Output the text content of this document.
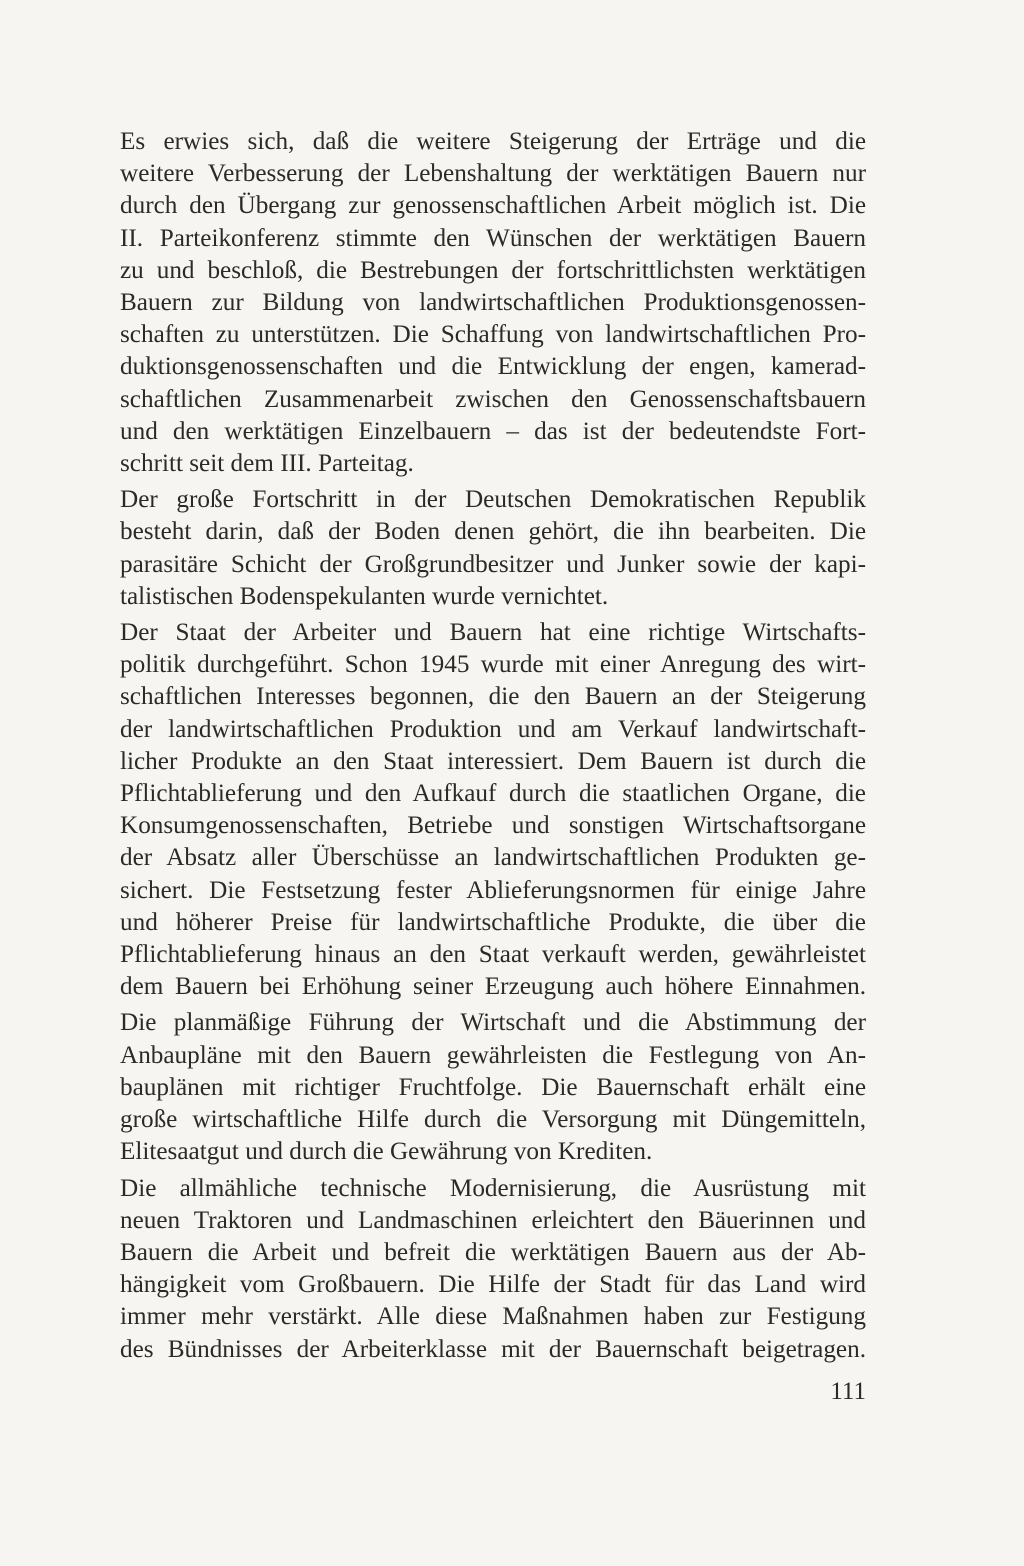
Es erwies sich, daß die weitere Steigerung der Erträge und die
weitere Verbesserung der Lebenshaltung der werktätigen Bauern nur
durch den Übergang zur genossenschaftlichen Arbeit möglich ist. Die
II. Parteikonferenz stimmte den Wünschen der werktätigen Bauern
zu und beschloß, die Bestrebungen der fortschrittlichsten werktätigen
Bauern zur Bildung von landwirtschaftlichen Produktionsgenossen-
schaften zu unterstützen. Die Schaffung von landwirtschaftlichen Pro-
duktionsgenossenschaften und die Entwicklung der engen, kamerad-
schaftlichen Zusammenarbeit zwischen den Genossenschaftsbauern
und den werktätigen Einzelbauern – das ist der bedeutendste Fort-
schritt seit dem III. Parteitag.

Der große Fortschritt in der Deutschen Demokratischen Republik
besteht darin, daß der Boden denen gehört, die ihn bearbeiten. Die
parasitäre Schicht der Großgrundbesitzer und Junker sowie der kapi-
talistischen Bodenspekulanten wurde vernichtet.

Der Staat der Arbeiter und Bauern hat eine richtige Wirtschafts-
politik durchgeführt. Schon 1945 wurde mit einer Anregung des wirt-
schaftlichen Interesses begonnen, die den Bauern an der Steigerung
der landwirtschaftlichen Produktion und am Verkauf landwirtschaft-
licher Produkte an den Staat interessiert. Dem Bauern ist durch die
Pflichtablieferung und den Aufkauf durch die staatlichen Organe, die
Konsumgenossenschaften, Betriebe und sonstigen Wirtschaftsorgane
der Absatz aller Überschüsse an landwirtschaftlichen Produkten ge-
sichert. Die Festsetzung fester Ablieferungsnormen für einige Jahre
und höherer Preise für landwirtschaftliche Produkte, die über die
Pflichtablieferung hinaus an den Staat verkauft werden, gewährleistet
dem Bauern bei Erhöhung seiner Erzeugung auch höhere Einnahmen.

Die planmäßige Führung der Wirtschaft und die Abstimmung der
Anbaupläne mit den Bauern gewährleisten die Festlegung von An-
bauplänen mit richtiger Fruchtfolge. Die Bauernschaft erhält eine
große wirtschaftliche Hilfe durch die Versorgung mit Düngemitteln,
Elitesaatgut und durch die Gewährung von Krediten.

Die allmähliche technische Modernisierung, die Ausrüstung mit
neuen Traktoren und Landmaschinen erleichtert den Bäuerinnen und
Bauern die Arbeit und befreit die werktätigen Bauern aus der Ab-
hängigkeit vom Großbauern. Die Hilfe der Stadt für das Land wird
immer mehr verstärkt. Alle diese Maßnahmen haben zur Festigung
des Bündnisses der Arbeiterklasse mit der Bauernschaft beigetragen.

111
